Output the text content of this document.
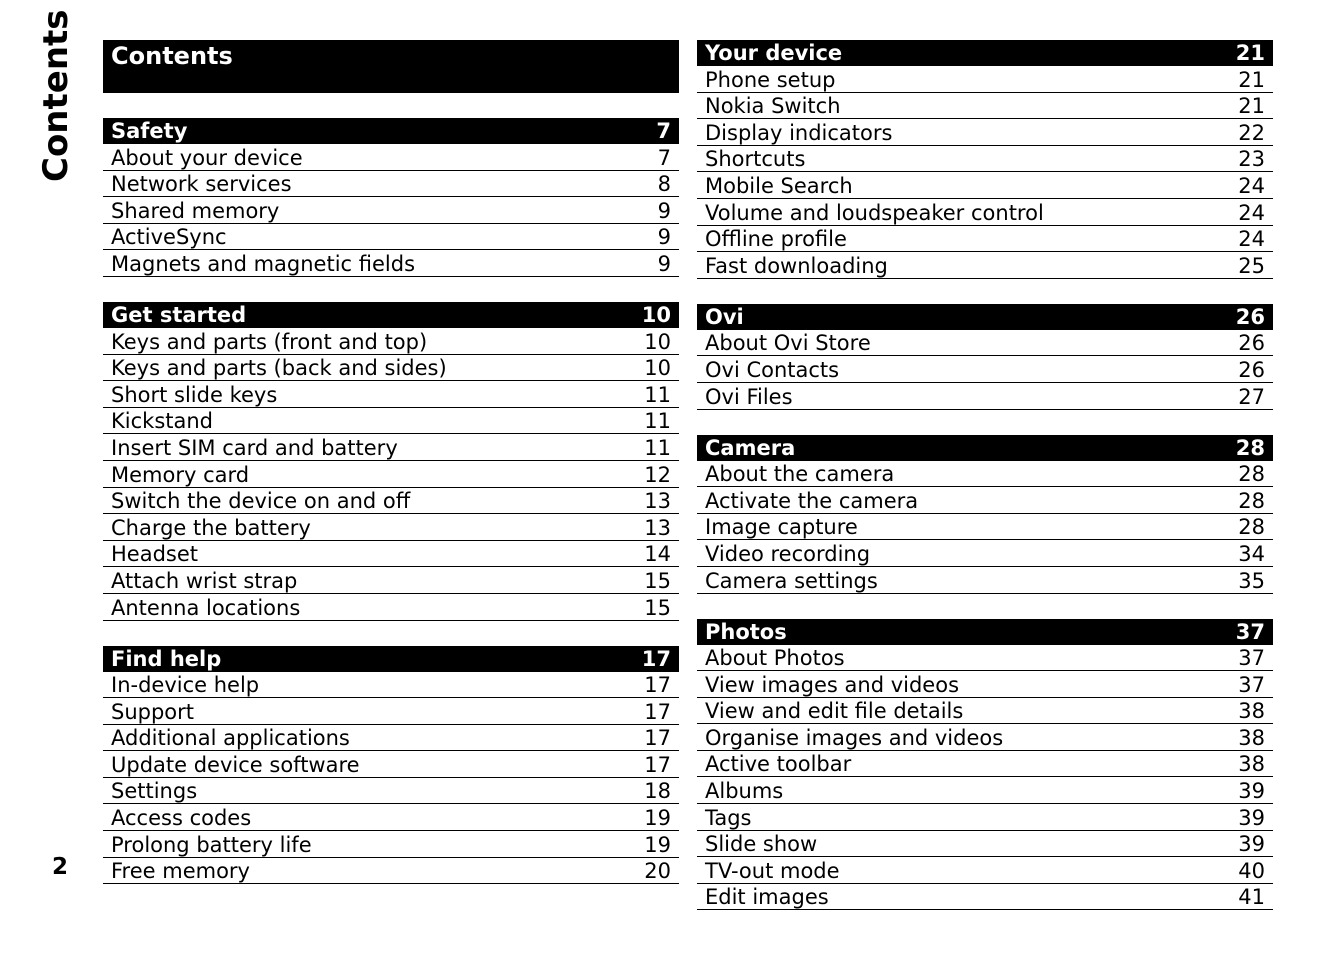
Contents
2
Contents
Safety	7
About your device	7
Network services	8
Shared memory	9
ActiveSync	9
Magnets and magnetic fields	9
Get started	10
Keys and parts (front and top)	10
Keys and parts (back and sides)	10
Short slide keys	11
Kickstand	11
Insert SIM card and battery	11
Memory card	12
Switch the device on and off	13
Charge the battery	13
Headset	14
Attach wrist strap	15
Antenna locations	15
Find help	17
In-device help	17
Support	17
Additional applications	17
Update device software	17
Settings	18
Access codes	19
Prolong battery life	19
Free memory	20
Your device	21
Phone setup	21
Nokia Switch	21
Display indicators	22
Shortcuts	23
Mobile Search	24
Volume and loudspeaker control	24
Offline profile	24
Fast downloading	25
Ovi	26
About Ovi Store	26
Ovi Contacts	26
Ovi Files	27
Camera	28
About the camera	28
Activate the camera	28
Image capture	28
Video recording	34
Camera settings	35
Photos	37
About Photos	37
View images and videos	37
View and edit file details	38
Organise images and videos	38
Active toolbar	38
Albums	39
Tags	39
Slide show	39
TV-out mode	40
Edit images	41
